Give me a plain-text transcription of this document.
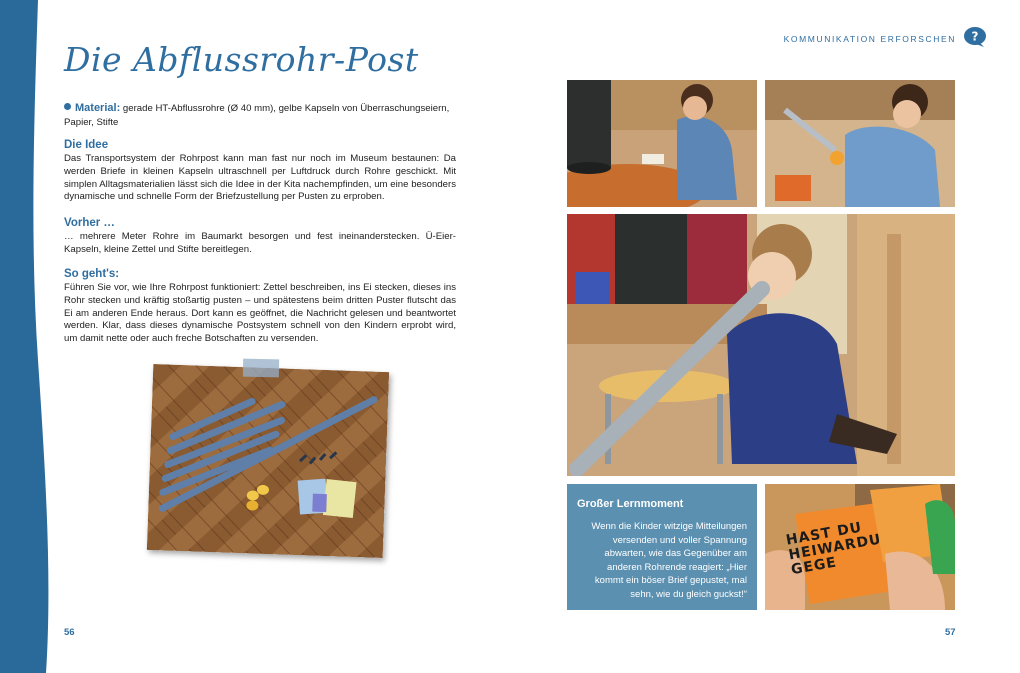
Die Abflussrohr-Post
Material: gerade HT-Abflussrohre (Ø 40 mm), gelbe Kapseln von Überraschungseiern, Papier, Stifte
Die Idee

Das Transportsystem der Rohrpost kann man fast nur noch im Museum bestaunen: Da werden Briefe in kleinen Kapseln ultraschnell per Luftdruck durch Rohre geschickt. Mit simplen Alltagsmaterialien lässt sich die Idee in der Kita nachempfinden, um eine besonders dynamische und schnelle Form der Briefzustellung per Pusten zu erproben.

Vorher …

… mehrere Meter Rohre im Baumarkt besorgen und fest ineinanderstecken. Ü-Eier-Kapseln, kleine Zettel und Stifte bereitlegen.

So geht's:

Führen Sie vor, wie Ihre Rohrpost funktioniert: Zettel beschreiben, ins Ei stecken, dieses ins Rohr stecken und kräftig stoßartig pusten – und spätestens beim dritten Puster flutscht das Ei am anderen Ende heraus. Dort kann es geöffnet, die Nachricht gelesen und beantwortet werden. Klar, dass dieses dynamische Postsystem schnell von den Kindern erprobt wird, um damit nette oder auch freche Botschaften zu versenden.

56
KOMMUNIKATION ERFORSCHEN ?
Großer Lernmoment

Wenn die Kinder witzige Mitteilungen versenden und voller Spannung abwarten, wie das Gegenüber am anderen Rohrende reagiert: „Hier kommt ein böser Brief gepustet, mal sehn, wie du gleich guckst!“

HAST DU HEIWARDU GEGE
57
